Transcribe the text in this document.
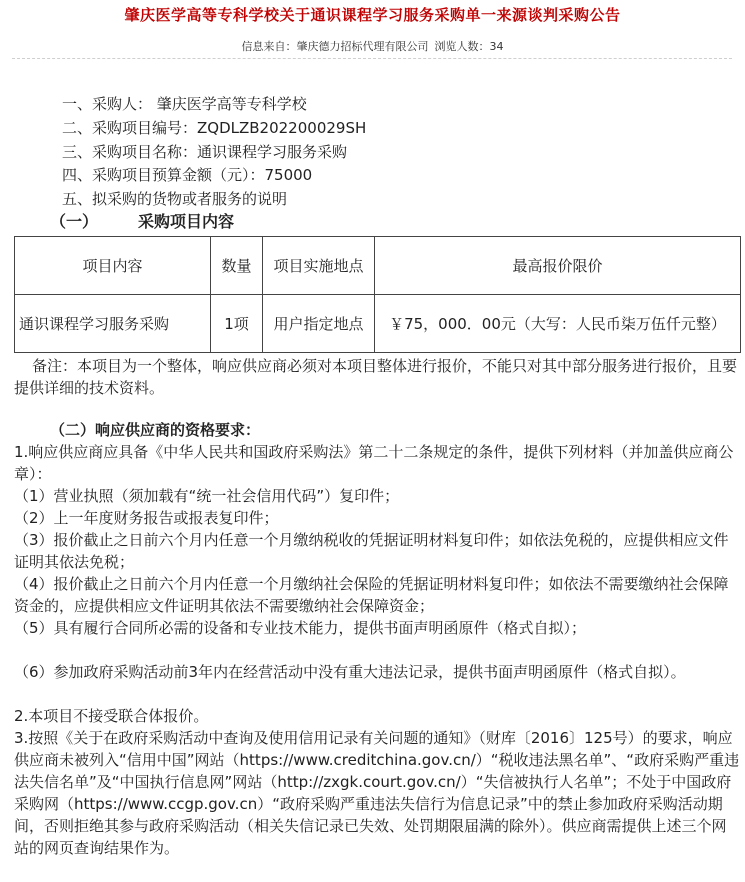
肇庆医学高等专科学校关于通识课程学习服务采购单一来源谈判采购公告
信息来自：肇庆德力招标代理有限公司 浏览人数：34
一、采购人： 肇庆医学高等专科学校
二、采购项目编号：ZQDLZB202200029SH
三、采购项目名称：通识课程学习服务采购
四、采购项目预算金额（元）：75000
五、拟采购的货物或者服务的说明
（一）	采购项目内容
项目内容	数量	项目实施地点	最高报价限价
通识课程学习服务采购	1项	用户指定地点	￥75，000．00元（大写：人民币柒万伍仟元整）
备注：本项目为一个整体，响应供应商必须对本项目整体进行报价，不能只对其中部分服务进行报价，且要提供详细的技术资料。
（二）响应供应商的资格要求：
1.响应供应商应具备《中华人民共和国政府采购法》第二十二条规定的条件，提供下列材料（并加盖供应商公章）：
（1）营业执照（须加载有“统一社会信用代码”）复印件；
（2）上一年度财务报告或报表复印件；
（3）报价截止之日前六个月内任意一个月缴纳税收的凭据证明材料复印件；如依法免税的，应提供相应文件证明其依法免税；
（4）报价截止之日前六个月内任意一个月缴纳社会保险的凭据证明材料复印件；如依法不需要缴纳社会保障资金的，应提供相应文件证明其依法不需要缴纳社会保障资金；
（5）具有履行合同所必需的设备和专业技术能力，提供书面声明函原件（格式自拟）；
（6）参加政府采购活动前3年内在经营活动中没有重大违法记录，提供书面声明函原件（格式自拟）。
2.本项目不接受联合体报价。
3.按照《关于在政府采购活动中查询及使用信用记录有关问题的通知》（财库〔2016〕125号）的要求，响应供应商未被列入“信用中国”网站（https://www.creditchina.gov.cn/）“税收违法黑名单”、“政府采购严重违法失信名单”及“中国执行信息网”网站（http://zxgk.court.gov.cn/）“失信被执行人名单”；不处于中国政府采购网（https://www.ccgp.gov.cn）“政府采购严重违法失信行为信息记录”中的禁止参加政府采购活动期间，否则拒绝其参与政府采购活动（相关失信记录已失效、处罚期限届满的除外）。供应商需提供上述三个网站的网页查询结果作为。
